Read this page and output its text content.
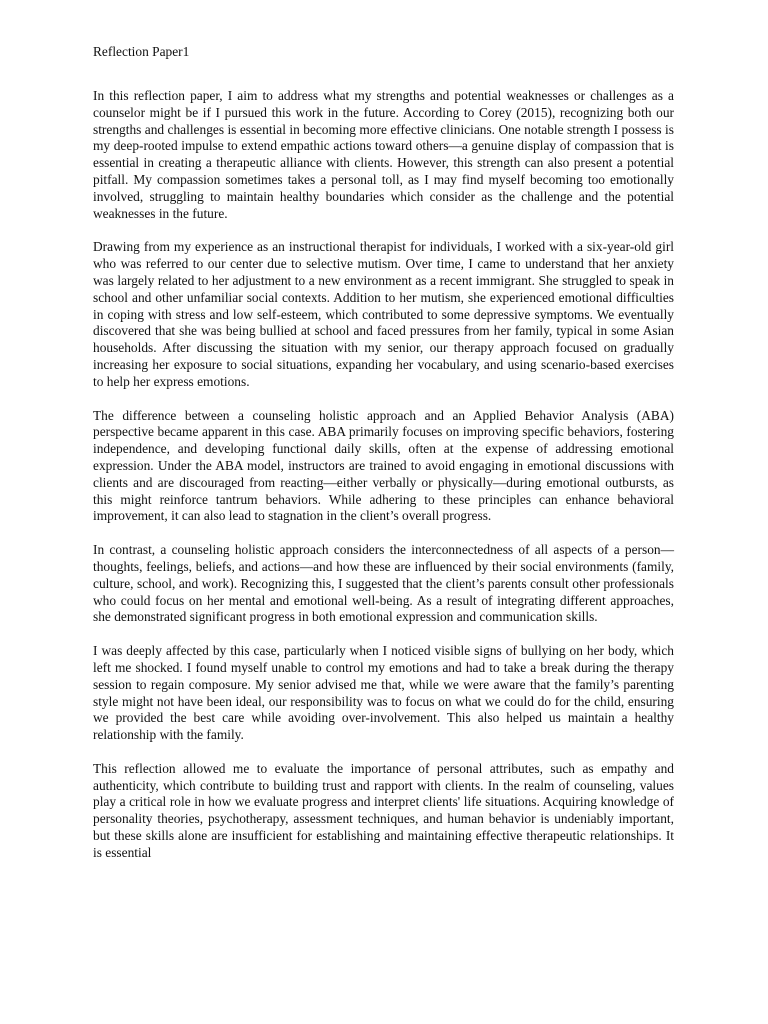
Reflection Paper1

In this reflection paper, I aim to address what my strengths and potential weaknesses or challenges as a counselor might be if I pursued this work in the future. According to Corey (2015), recognizing both our strengths and challenges is essential in becoming more effective clinicians. One notable strength I possess is my deep-rooted impulse to extend empathic actions toward others—a genuine display of compassion that is essential in creating a therapeutic alliance with clients. However, this strength can also present a potential pitfall. My compassion sometimes takes a personal toll, as I may find myself becoming too emotionally involved, struggling to maintain healthy boundaries which consider as the challenge and the potential weaknesses in the future.

Drawing from my experience as an instructional therapist for individuals, I worked with a six-year-old girl who was referred to our center due to selective mutism. Over time, I came to understand that her anxiety was largely related to her adjustment to a new environment as a recent immigrant. She struggled to speak in school and other unfamiliar social contexts. Addition to her mutism, she experienced emotional difficulties in coping with stress and low self-esteem, which contributed to some depressive symptoms. We eventually discovered that she was being bullied at school and faced pressures from her family, typical in some Asian households. After discussing the situation with my senior, our therapy approach focused on gradually increasing her exposure to social situations, expanding her vocabulary, and using scenario-based exercises to help her express emotions.

The difference between a counseling holistic approach and an Applied Behavior Analysis (ABA) perspective became apparent in this case. ABA primarily focuses on improving specific behaviors, fostering independence, and developing functional daily skills, often at the expense of addressing emotional expression. Under the ABA model, instructors are trained to avoid engaging in emotional discussions with clients and are discouraged from reacting—either verbally or physically—during emotional outbursts, as this might reinforce tantrum behaviors. While adhering to these principles can enhance behavioral improvement, it can also lead to stagnation in the client’s overall progress.

In contrast, a counseling holistic approach considers the interconnectedness of all aspects of a person—thoughts, feelings, beliefs, and actions—and how these are influenced by their social environments (family, culture, school, and work). Recognizing this, I suggested that the client’s parents consult other professionals who could focus on her mental and emotional well-being. As a result of integrating different approaches, she demonstrated significant progress in both emotional expression and communication skills.

I was deeply affected by this case, particularly when I noticed visible signs of bullying on her body, which left me shocked. I found myself unable to control my emotions and had to take a break during the therapy session to regain composure. My senior advised me that, while we were aware that the family’s parenting style might not have been ideal, our responsibility was to focus on what we could do for the child, ensuring we provided the best care while avoiding over-involvement. This also helped us maintain a healthy relationship with the family.

This reflection allowed me to evaluate the importance of personal attributes, such as empathy and authenticity, which contribute to building trust and rapport with clients. In the realm of counseling, values play a critical role in how we evaluate progress and interpret clients' life situations. Acquiring knowledge of personality theories, psychotherapy, assessment techniques, and human behavior is undeniably important, but these skills alone are insufficient for establishing and maintaining effective therapeutic relationships. It is essential
